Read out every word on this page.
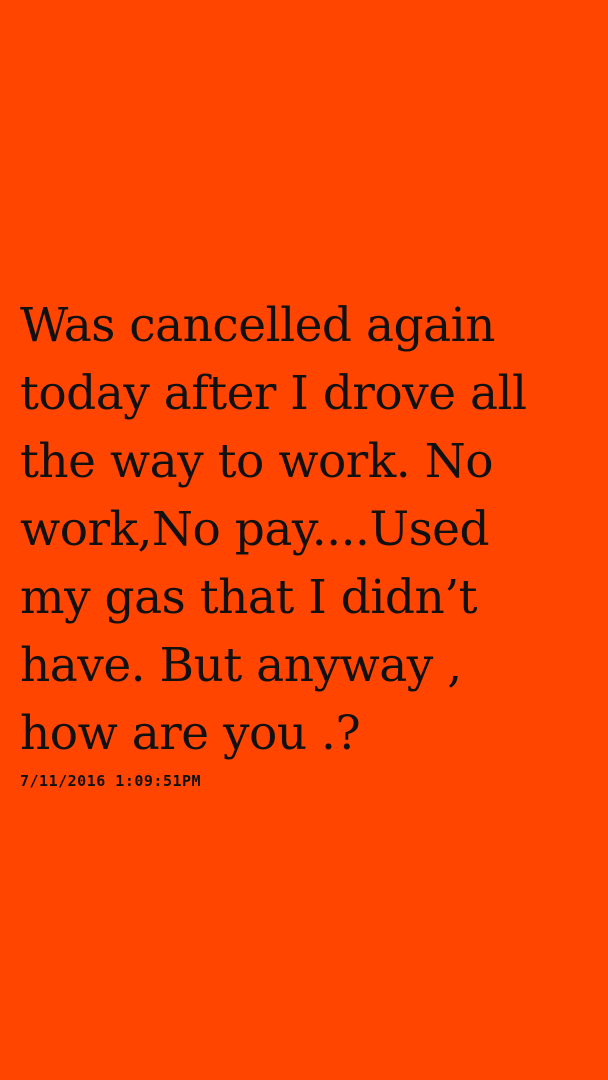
Was cancelled again
today after I drove all
the way to work. No
work,No pay....Used
my gas that I didn’t
have. But anyway ,
how are you .?

7/11/2016 1:09:51PM
